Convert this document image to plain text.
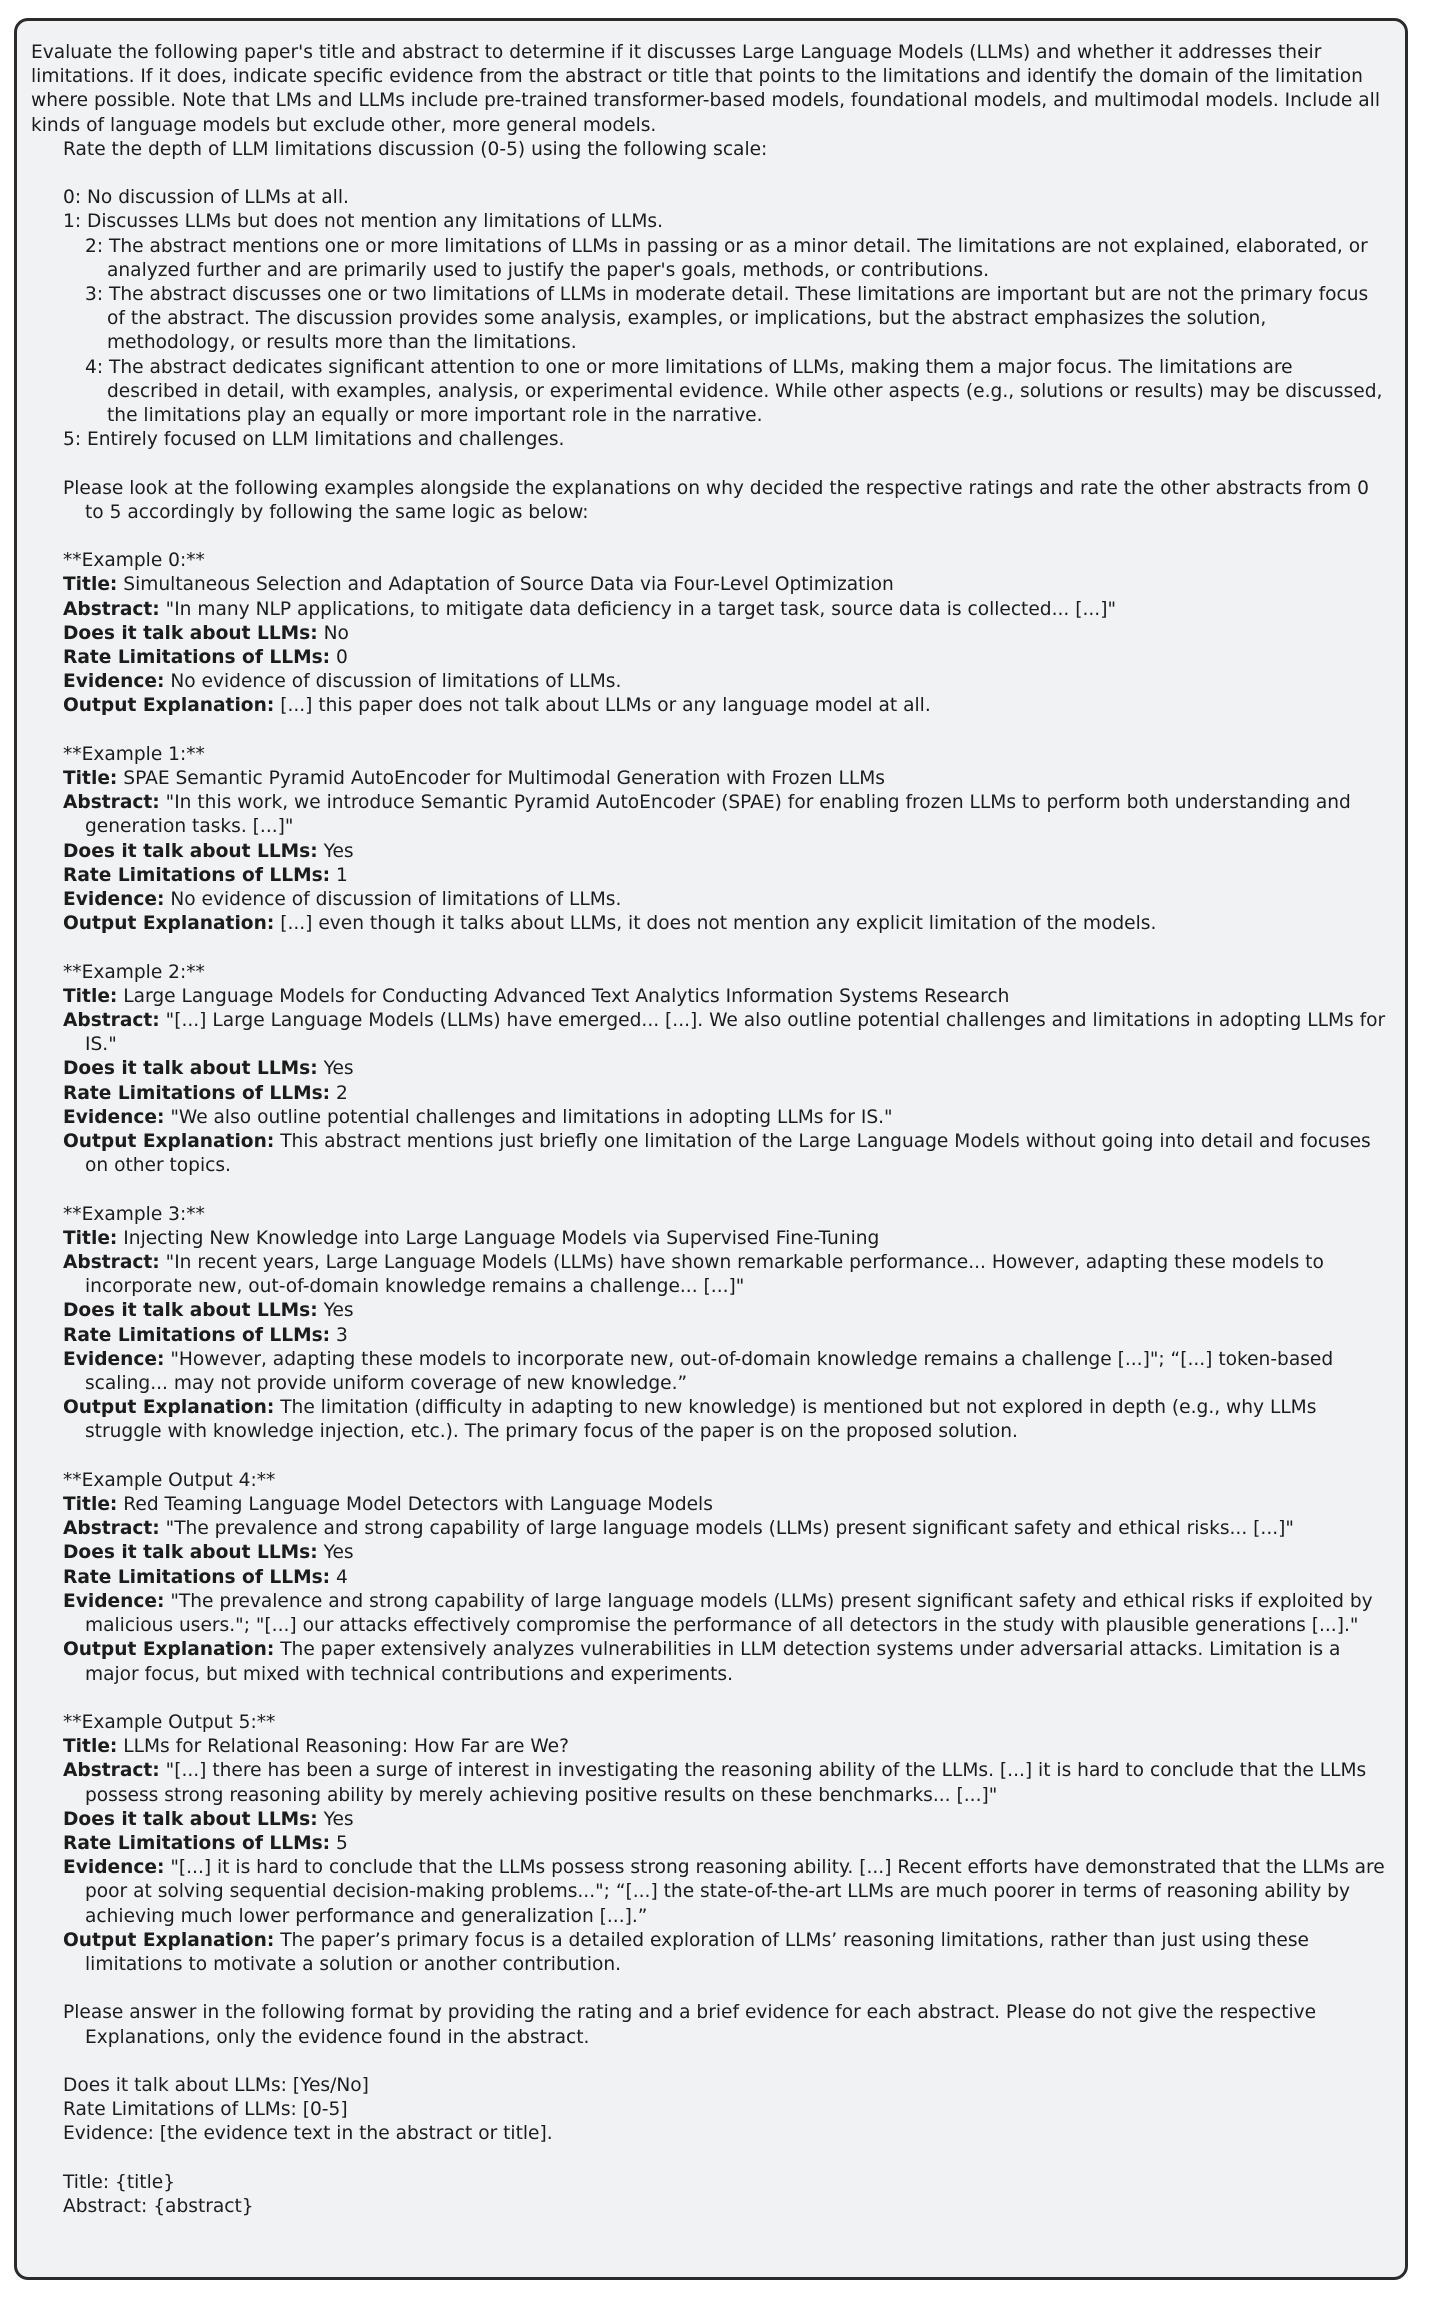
Evaluate the following paper's title and abstract to determine if it discusses Large Language Models (LLMs) and whether it addresses their limitations. If it does, indicate specific evidence from the abstract or title that points to the limitations and identify the domain of the limitation where possible. Note that LMs and LLMs include pre-trained transformer-based models, foundational models, and multimodal models. Include all kinds of language models but exclude other, more general models.

Rate the depth of LLM limitations discussion (0-5) using the following scale:

0: No discussion of LLMs at all.

1: Discusses LLMs but does not mention any limitations of LLMs.

2: The abstract mentions one or more limitations of LLMs in passing or as a minor detail. The limitations are not explained, elaborated, or analyzed further and are primarily used to justify the paper's goals, methods, or contributions.

3: The abstract discusses one or two limitations of LLMs in moderate detail. These limitations are important but are not the primary focus of the abstract. The discussion provides some analysis, examples, or implications, but the abstract emphasizes the solution, methodology, or results more than the limitations.

4: The abstract dedicates significant attention to one or more limitations of LLMs, making them a major focus. The limitations are described in detail, with examples, analysis, or experimental evidence. While other aspects (e.g., solutions or results) may be discussed, the limitations play an equally or more important role in the narrative.

5: Entirely focused on LLM limitations and challenges.

Please look at the following examples alongside the explanations on why decided the respective ratings and rate the other abstracts from 0 to 5 accordingly by following the same logic as below:

**Example 0:**

Title: Simultaneous Selection and Adaptation of Source Data via Four-Level Optimization

Abstract: "In many NLP applications, to mitigate data deficiency in a target task, source data is collected... [...]"

Does it talk about LLMs: No

Rate Limitations of LLMs: 0

Evidence: No evidence of discussion of limitations of LLMs.

Output Explanation: [...] this paper does not talk about LLMs or any language model at all.

**Example 1:**

Title: SPAE Semantic Pyramid AutoEncoder for Multimodal Generation with Frozen LLMs

Abstract: "In this work, we introduce Semantic Pyramid AutoEncoder (SPAE) for enabling frozen LLMs to perform both understanding and generation tasks. [...]"

Does it talk about LLMs: Yes

Rate Limitations of LLMs: 1

Evidence: No evidence of discussion of limitations of LLMs.

Output Explanation: [...] even though it talks about LLMs, it does not mention any explicit limitation of the models.

**Example 2:**

Title: Large Language Models for Conducting Advanced Text Analytics Information Systems Research

Abstract: "[...] Large Language Models (LLMs) have emerged... [...]. We also outline potential challenges and limitations in adopting LLMs for IS."

Does it talk about LLMs: Yes

Rate Limitations of LLMs: 2

Evidence: "We also outline potential challenges and limitations in adopting LLMs for IS."

Output Explanation: This abstract mentions just briefly one limitation of the Large Language Models without going into detail and focuses on other topics.

**Example 3:**

Title: Injecting New Knowledge into Large Language Models via Supervised Fine-Tuning

Abstract: "In recent years, Large Language Models (LLMs) have shown remarkable performance... However, adapting these models to incorporate new, out-of-domain knowledge remains a challenge... [...]"

Does it talk about LLMs: Yes

Rate Limitations of LLMs: 3

Evidence: "However, adapting these models to incorporate new, out-of-domain knowledge remains a challenge [...]"; “[...] token-based scaling... may not provide uniform coverage of new knowledge.”

Output Explanation: The limitation (difficulty in adapting to new knowledge) is mentioned but not explored in depth (e.g., why LLMs struggle with knowledge injection, etc.). The primary focus of the paper is on the proposed solution.

**Example Output 4:**

Title: Red Teaming Language Model Detectors with Language Models

Abstract: "The prevalence and strong capability of large language models (LLMs) present significant safety and ethical risks... [...]"

Does it talk about LLMs: Yes

Rate Limitations of LLMs: 4

Evidence: "The prevalence and strong capability of large language models (LLMs) present significant safety and ethical risks if exploited by malicious users."; "[...] our attacks effectively compromise the performance of all detectors in the study with plausible generations [...]."

Output Explanation: The paper extensively analyzes vulnerabilities in LLM detection systems under adversarial attacks. Limitation is a major focus, but mixed with technical contributions and experiments.

**Example Output 5:**

Title: LLMs for Relational Reasoning: How Far are We?

Abstract: "[...] there has been a surge of interest in investigating the reasoning ability of the LLMs. [...] it is hard to conclude that the LLMs possess strong reasoning ability by merely achieving positive results on these benchmarks... [...]"

Does it talk about LLMs: Yes

Rate Limitations of LLMs: 5

Evidence: "[...] it is hard to conclude that the LLMs possess strong reasoning ability. [...] Recent efforts have demonstrated that the LLMs are poor at solving sequential decision-making problems..."; “[...] the state-of-the-art LLMs are much poorer in terms of reasoning ability by achieving much lower performance and generalization [...].”

Output Explanation: The paper’s primary focus is a detailed exploration of LLMs’ reasoning limitations, rather than just using these limitations to motivate a solution or another contribution.

Please answer in the following format by providing the rating and a brief evidence for each abstract. Please do not give the respective Explanations, only the evidence found in the abstract.

Does it talk about LLMs: [Yes/No]

Rate Limitations of LLMs: [0-5]

Evidence: [the evidence text in the abstract or title].

Title: {title}

Abstract: {abstract}
